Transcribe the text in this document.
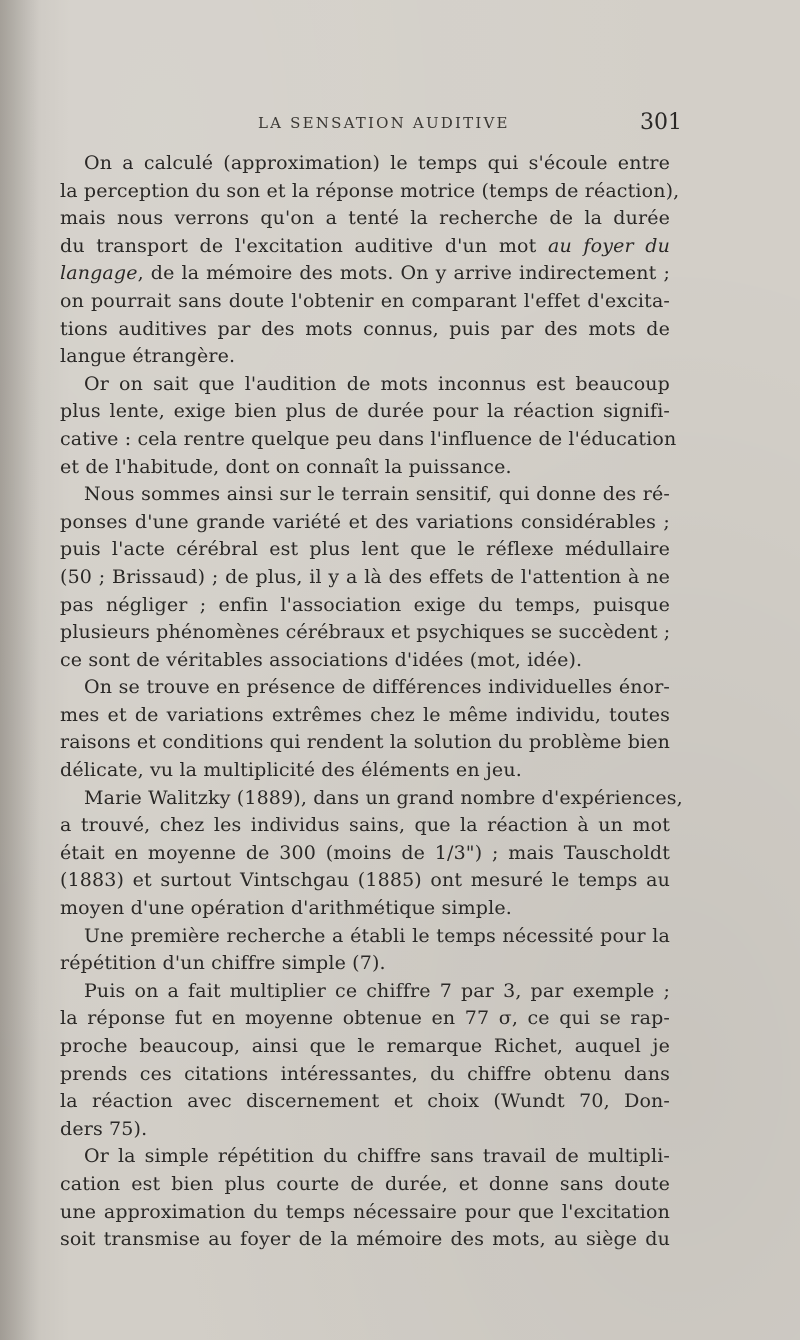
LA SENSATION AUDITIVE	301
On a calculé (approximation) le temps qui s'écoule entre
la perception du son et la réponse motrice (temps de réaction),
mais nous verrons qu'on a tenté la recherche de la durée
du transport de l'excitation auditive d'un mot au foyer du
langage, de la mémoire des mots. On y arrive indirectement ;
on pourrait sans doute l'obtenir en comparant l'effet d'excita-
tions auditives par des mots connus, puis par des mots de
langue étrangère.
Or on sait que l'audition de mots inconnus est beaucoup
plus lente, exige bien plus de durée pour la réaction signifi-
cative : cela rentre quelque peu dans l'influence de l'éducation
et de l'habitude, dont on connaît la puissance.
Nous sommes ainsi sur le terrain sensitif, qui donne des ré-
ponses d'une grande variété et des variations considérables ;
puis l'acte cérébral est plus lent que le réflexe médullaire
(50 ; Brissaud) ; de plus, il y a là des effets de l'attention à ne
pas négliger ; enfin l'association exige du temps, puisque
plusieurs phénomènes cérébraux et psychiques se succèdent ;
ce sont de véritables associations d'idées (mot, idée).
On se trouve en présence de différences individuelles énor-
mes et de variations extrêmes chez le même individu, toutes
raisons et conditions qui rendent la solution du problème bien
délicate, vu la multiplicité des éléments en jeu.
Marie Walitzky (1889), dans un grand nombre d'expériences,
a trouvé, chez les individus sains, que la réaction à un mot
était en moyenne de 300 (moins de 1/3") ; mais Tauscholdt
(1883) et surtout Vintschgau (1885) ont mesuré le temps au
moyen d'une opération d'arithmétique simple.
Une première recherche a établi le temps nécessité pour la
répétition d'un chiffre simple (7).
Puis on a fait multiplier ce chiffre 7 par 3, par exemple ;
la réponse fut en moyenne obtenue en 77 σ, ce qui se rap-
proche beaucoup, ainsi que le remarque Richet, auquel je
prends ces citations intéressantes, du chiffre obtenu dans
la réaction avec discernement et choix (Wundt 70, Don-
ders 75).
Or la simple répétition du chiffre sans travail de multipli-
cation est bien plus courte de durée, et donne sans doute
une approximation du temps nécessaire pour que l'excitation
soit transmise au foyer de la mémoire des mots, au siège du
